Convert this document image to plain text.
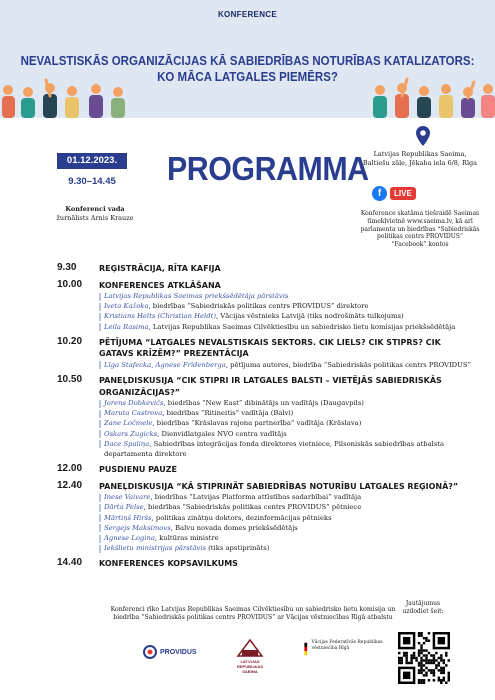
KONFERENCE
NEVALSTISKĀS ORGANIZĀCIJAS KĀ SABIEDRĪBAS NOTURĪBAS KATALIZATORS:
KO MĀCA LATGALES PIEMĒRS?
01.12.2023.
9.30–14.45	PROGRAMMA Latvijas Republikas Saeima,
Baltiešu zāle, Jēkaba iela 6/8, Rīga
f	LIVE
Konference skatāma tiešraidē Saeimas
tīmekļvietnē www.saeima.lv, kā arī
parlamenta un biedrības “Sabiedriskās
politikas centrs PROVIDUS”
“Facebook” kontos
Konferenci vada
žurnālists Arnis Krauze
9.30	REĢISTRĀCIJA, RĪTA KAFIJA
10.00 KONFERENCES ATKLĀŠANA
Latvijas Republikas Saeimas priekšsēdētāja pārstāvis
Iveta Kažoka, biedrības “Sabiedriskās politikas centrs PROVIDUS” direktore
Kristians Helts (Christian Heldt), Vācijas vēstnieks Latvijā (tiks nodrošināts tulkojums)
Leila Rasima, Latvijas Republikas Saeimas Cilvēktiesību un sabiedrisko lietu komisijas priekšsēdētāja
10.20 PĒTĪJUMA “LATGALES NEVALSTISKAIS SEKTORS. CIK LIELS? CIK STIPRS? CIK GATAVS KRĪZĒM?” PREZENTĀCIJA
Līga Stafecka, Agnese Frīdenberga, pētījuma autores, biedrība “Sabiedriskās politikas centrs PROVIDUS”
10.50 PANEĻDISKUSIJA “CIK STIPRI IR LATGALES BALSTI – VIETĒJĀS SABIEDRISKĀS ORGANIZĀCIJAS?”
Jorens Dobkevičs, biedrības “New East” dibinātājs un vadītājs (Daugavpils)
Maruta Castrova, biedrības “Ritineitis” vadītāja (Balvi)
Zane Ločmele, biedrības “Krāslavas rajona partnerība” vadītāja (Krāslava)
Oskars Zugicks, Dienvidlatgales NVO centra vadītājs
Dace Spaliņa, Sabiedrības integrācijas fonda direktores vietniece, Pilsoniskās sabiedrības atbalsta departamenta direktore
12.00 PUSDIENU PAUZE
12.40 PANEĻDISKUSIJA “KĀ STIPRINĀT SABIEDRĪBAS NOTURĪBU LATGALES REĢIONĀ?”
Inese Vaivare, biedrības “Latvijas Platforma attīstības sadarbībai” vadītāja
Dārta Pelse, biedrības “Sabiedriskās politikas centrs PROVIDUS” pētniece
Mārtiņš Hiršs, politikas zinātņu doktors, dezinformācijas pētnieks
Sergejs Maksimovs, Balvu novada domes priekšsēdētājs
Agnese Logina, kultūras ministre
Iekšlietu ministrijas pārstāvis (tiks apstiprināts)
14.40 KONFERENCES KOPSAVILKUMS
Konferenci rīko Latvijas Republikas Saeimas Cilvēktiesību un sabiedrisko lietu komisija un biedrība “Sabiedriskās politikas centrs PROVIDUS” ar Vācijas vēstniecības Rīgā atbalstu
Jautājumus uzdodiet šeit:
PROVIDUS
LATVIJAS REPUBLIKAS SAEIMA
Vācijas Federatīvās Republikas vēstniecība Rīgā
